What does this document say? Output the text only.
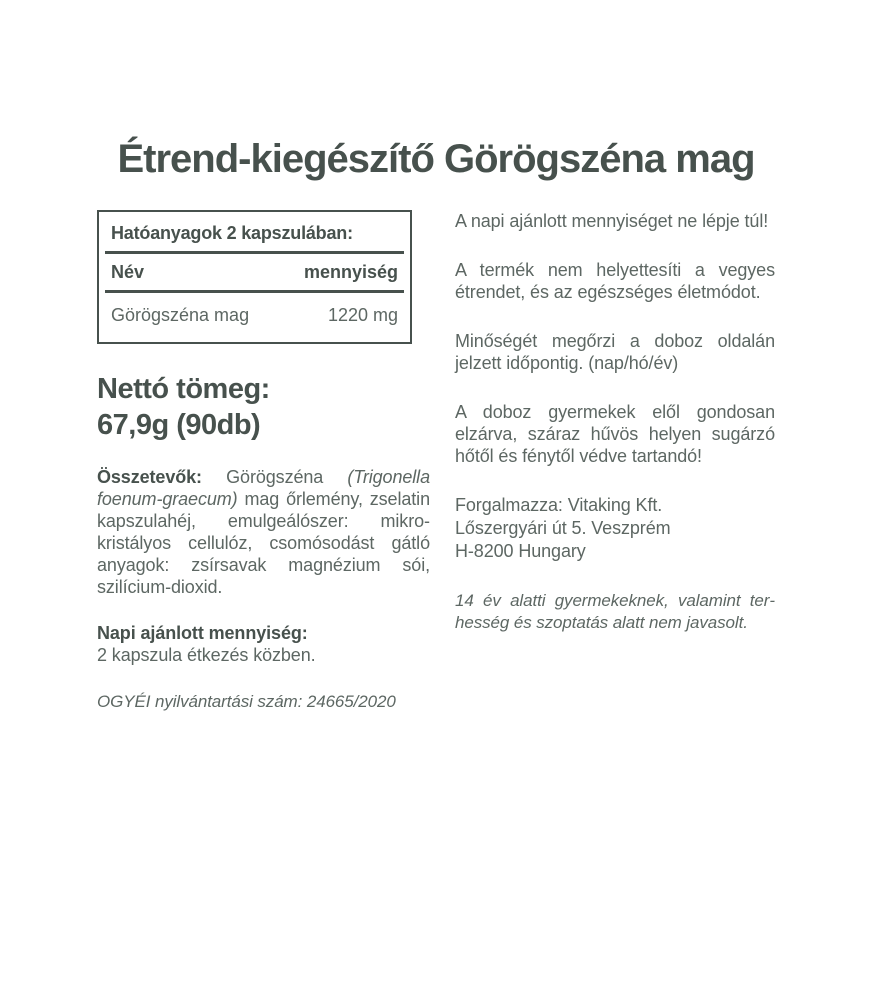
Étrend-kiegészítő Görögszéna mag
Hatóanyagok 2 kapszulában:
Név	mennyiség
Görögszéna mag	1220 mg
Nettó tömeg:
67,9g (90db)

Összetevők: Görögszéna (Trigonella foenum-graecum) mag őrlemény, zselatin kapszulahéj, emulgeálószer: mikrokristályos cellulóz, csomósodást gátló anyagok: zsírsavak magnézium sói, szilícium-dioxid.

Napi ajánlott mennyiség:
2 kapszula étkezés közben.

OGYÉI nyilvántartási szám: 24665/2020

A napi ajánlott mennyiséget ne lépje túl!

A termék nem helyettesíti a vegyes étrendet, és az egészséges életmódot.

Minőségét megőrzi a doboz oldalán jelzett időpontig. (nap/hó/év)

A doboz gyermekek elől gondosan elzárva, száraz hűvös helyen sugárzó hőtől és fénytől védve tartandó!

Forgalmazza: Vitaking Kft.
Lőszergyári út 5. Veszprém
H-8200 Hungary

14 év alatti gyermekeknek, valamint terhesség és szoptatás alatt nem javasolt.
